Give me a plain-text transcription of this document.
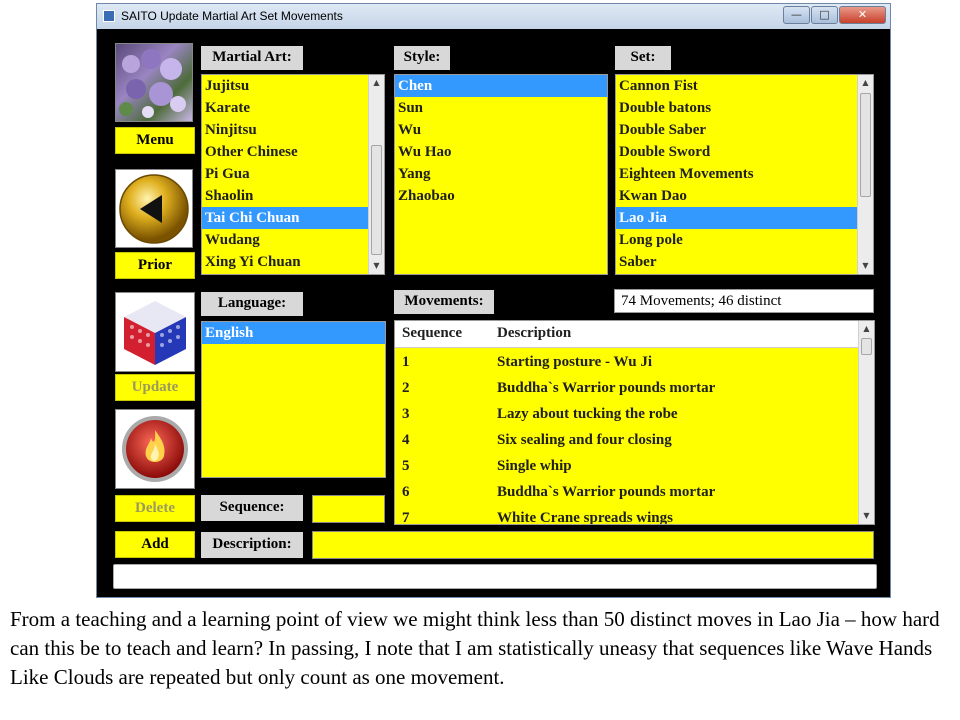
SAITO Update Martial Art Set Movements	—	□	✕
Menu
Prior
Update
Delete
Add
Martial Art:
Jujitsu
Karate
Ninjitsu
Other Chinese
Pi Gua
Shaolin
Tai Chi Chuan
Wudang
Xing Yi Chuan
▲
▼
Style:
Chen
Sun
Wu
Wu Hao
Yang
Zhaobao
Set:
Cannon Fist
Double batons
Double Saber
Double Sword
Eighteen Movements
Kwan Dao
Lao Jia
Long pole
Saber
▲
▼
Language:
English
Movements:	74 Movements; 46 distinct
Sequence Description
1	Starting posture - Wu Ji
2	Buddha`s Warrior pounds mortar
3	Lazy about tucking the robe
4	Six sealing and four closing
5	Single whip
6	Buddha`s Warrior pounds mortar
7	White Crane spreads wings
▲
▼
Sequence:
Description:
From a teaching and a learning point of view we might think less than 50 distinct moves in Lao Jia – how hard can this be to teach and learn? In passing, I note that I am statistically uneasy that sequences like Wave Hands Like Clouds are repeated but only count as one movement.
